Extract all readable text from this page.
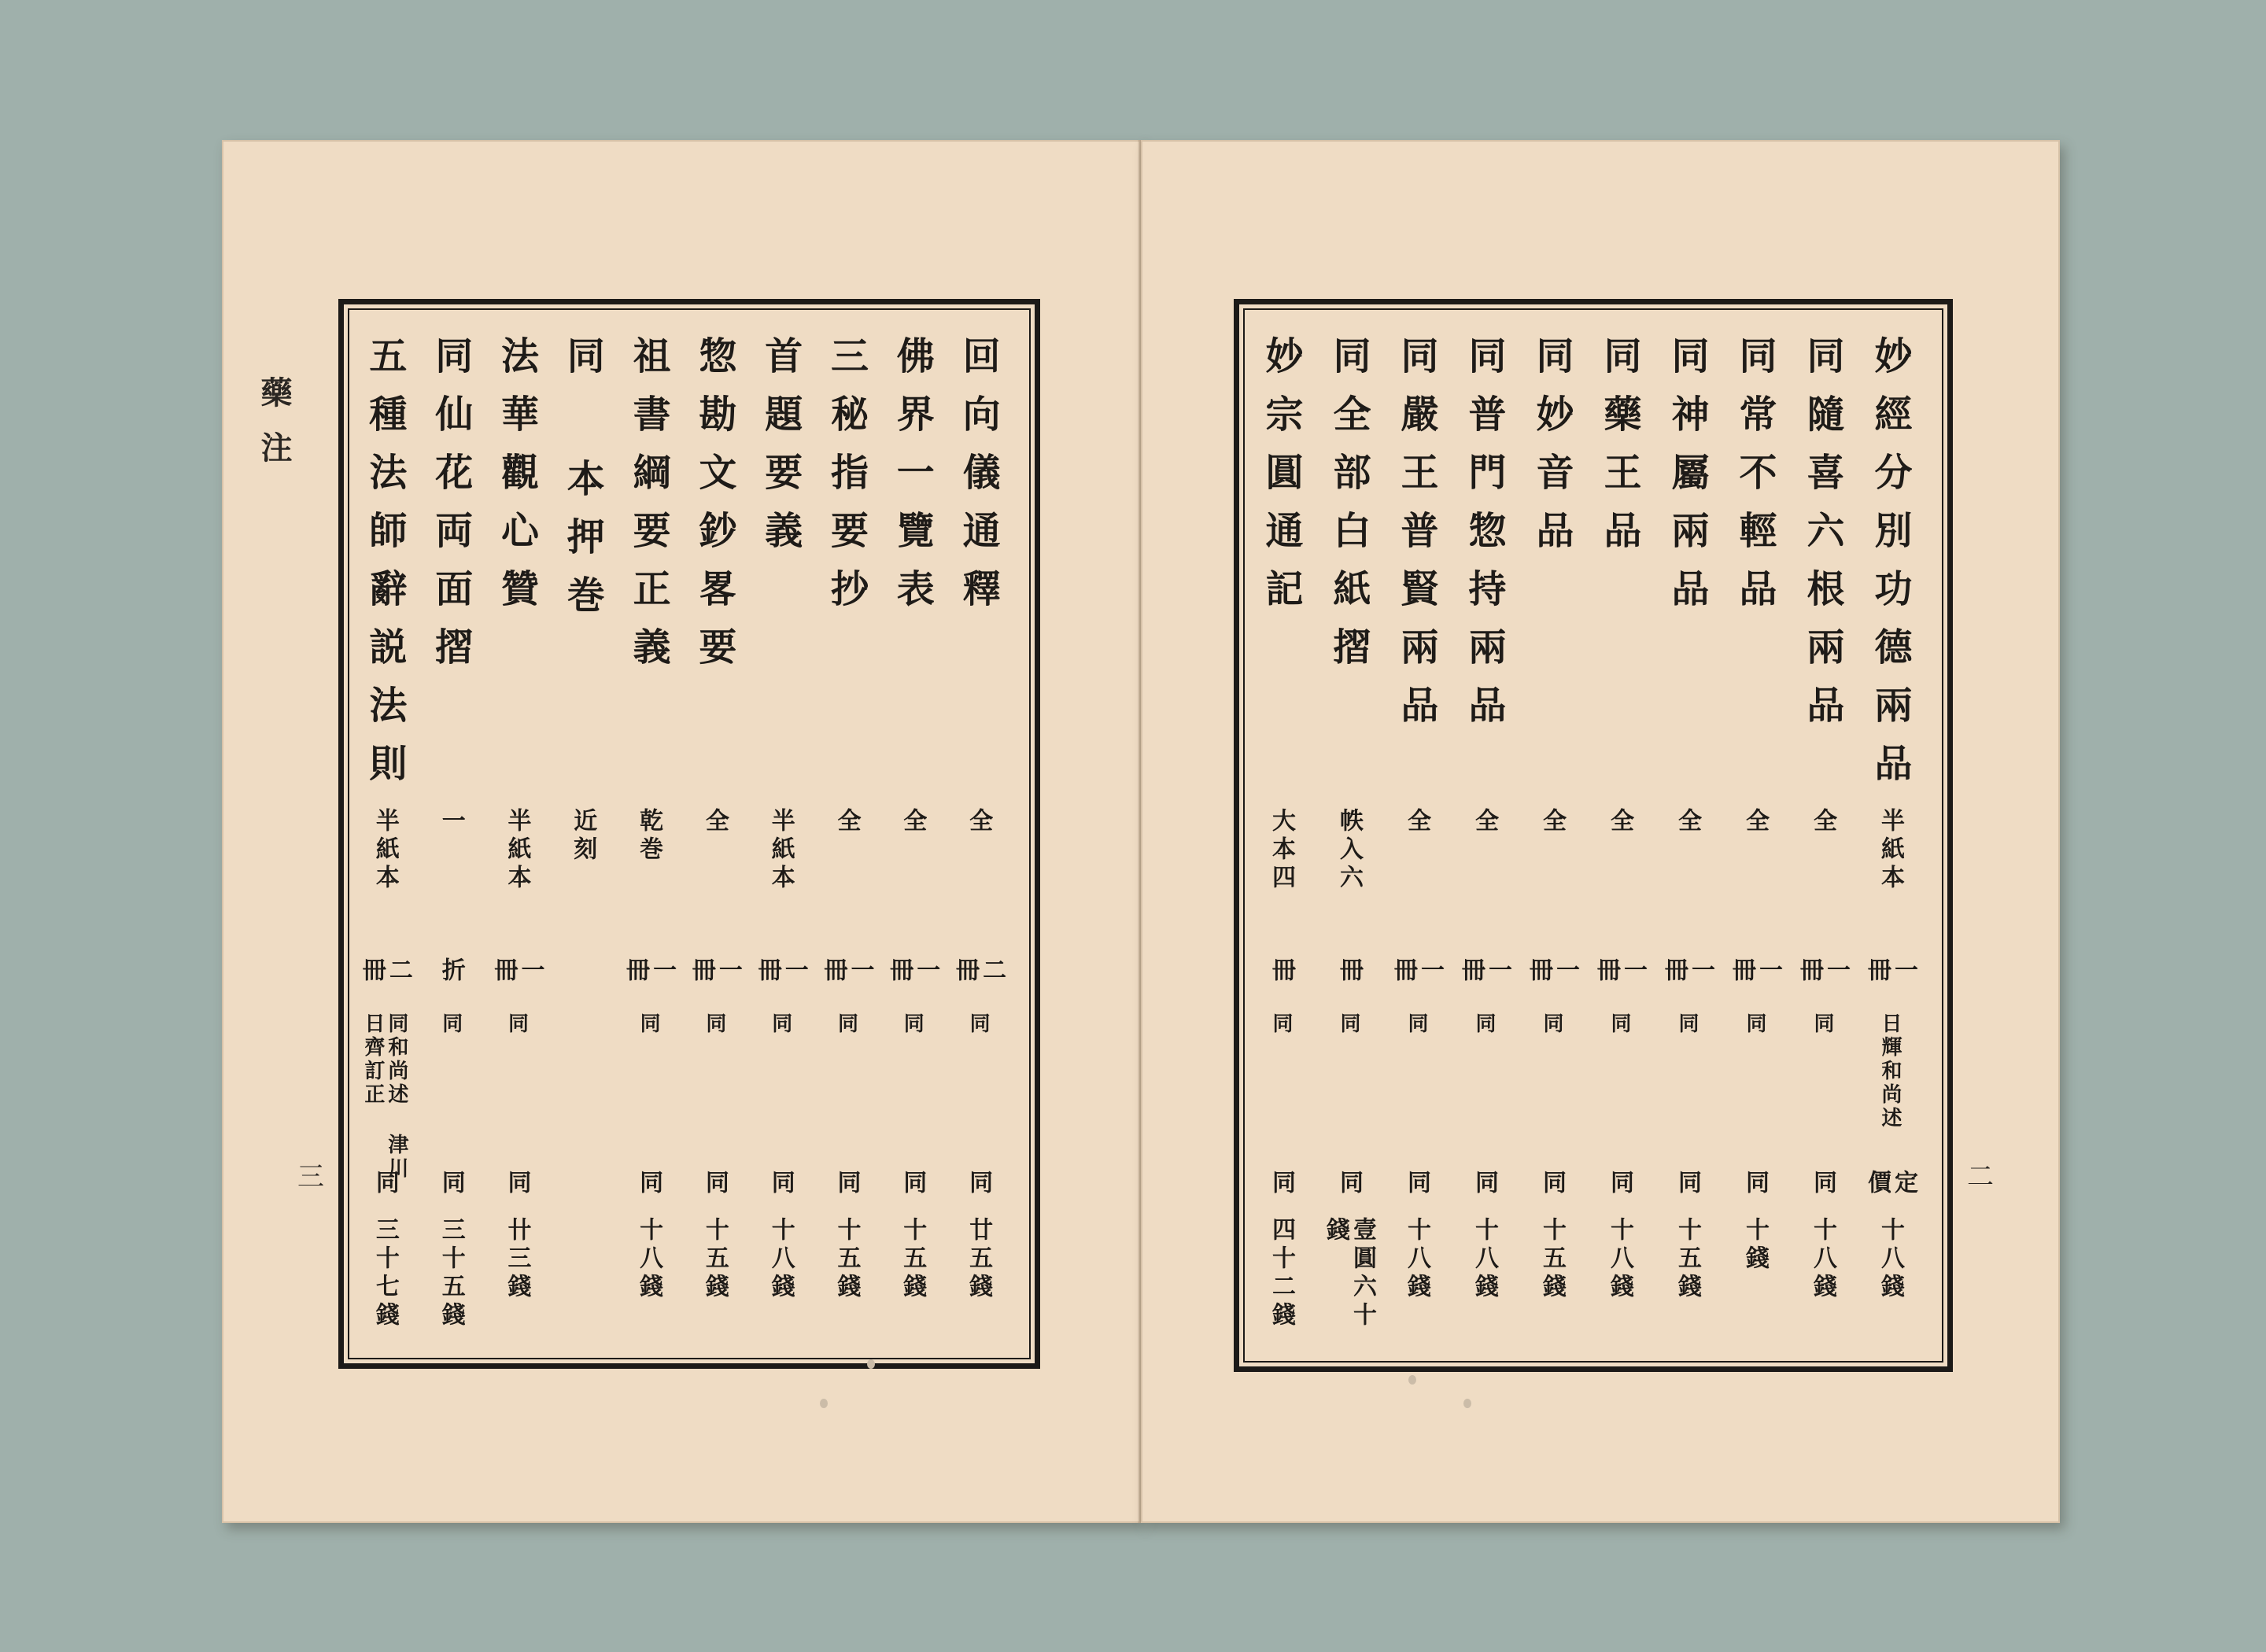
藥注
三
回向儀通釋
全
二冊
同
同
廿五錢
佛界一覽表
全
一冊
同
同
十五錢
三秘指要抄
全
一冊
同
同
十五錢
首題要義
半紙本
一冊
同
同
十八錢
惣勘文鈔畧要
全
一冊
同
同
十五錢
祖書綱要正義
乾巻
一冊
同
同
十八錢
同 本押巻
近刻
法華觀心贊
半紙本
一冊
同
同
卄三錢
同仙花両面摺
一
折
同
同
三十五錢
五種法師辭説法則
半紙本
二冊
同和尚述 津川日齊訂正
同
三十七錢
二
妙經分別功德兩品
半紙本
一冊
日輝和尚述
定價
十八錢
同隨喜六根兩品
全
一冊
同
同
十八錢
同常不輕品
全
一冊
同
同
十錢
同神屬兩品
全
一冊
同
同
十五錢
同藥王品
全
一冊
同
同
十八錢
同妙音品
全
一冊
同
同
十五錢
同普門惣持兩品
全
一冊
同
同
十八錢
同嚴王普賢兩品
全
一冊
同
同
十八錢
同全部白紙摺
帙入六
冊
同
同
壹圓六十錢
妙宗圓通記
大本四
冊
同
同
四十二錢
